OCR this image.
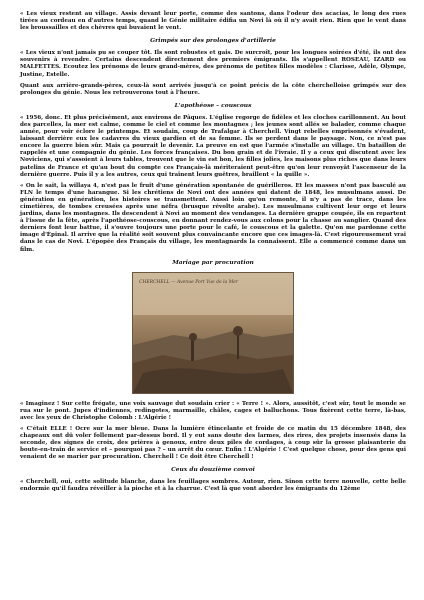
« Les vieux restent au village. Assis devant leur porte, comme des santons, dans l'odeur des acacias, le long des rues tirées au cordeau en d'autres temps, quand le Génie militaire édifia un Novi là où il n'y avait rien. Rien que le vent dans les broussailles et des chèvres qui buvaient le vent.

Grimpés sur des prolonges d'artillerie

« Les vieux n'ont jamais pu se couper tôt. Ils sont robustes et gais. De surcroît, pour les longues soirées d'été, ils ont des souvenirs à revendre. Certains descendent directement des premiers émigrants. Ils s'appellent ROSEAU, IZARD ou MALFETTES. Ecoutez les prénoms de leurs grand-mères, des prénoms de petites filles modèles : Clarisse, Adèle, Olympe, Justine, Estelle.

Quant aux arrière-grands-pères, ceux-là sont arrivés jusqu'à ce point précis de la côte cherchelloise grimpés sur des prolonges du génie. Nous les retrouverons tout à l'heure.

L'apothéose – couscous

« 1956, donc. Et plus précisément, aux environs de Pâques. L'église regorge de fidèles et les cloches carillonnent. Au bout des parcelles, la mer est calme, comme le ciel et comme les montagnes ; les jeunes sont allés se balader, comme chaque année, pour voir éclore le printemps. Et soudain, coup de Trafalgar à Cherchell. Vingt rebelles emprisonnés s'évadent, laissant derrière eux les cadavres du vieux gardien et de sa femme. Ils se perdent dans le paysage. Non, ce n'est pas encore la guerre bien sûr. Mais ça pourrait le devenir. La preuve en est que l'armée s'installe au village. Un bataillon de rappelés et une compagnie du génie. Les forces françaises. Du bon grain et de l'ivraie. Il y a ceux qui discutent avec les Noviciens, qui s'assoient à leurs tables, trouvent que le vin est bon, les filles jolies, les maisons plus riches que dans leurs patelins de France et qu'au bout du compte ces Français-là mériteraient peut-être qu'on leur renvoyât l'ascenseur de la dernière guerre. Puis il y a les autres, ceux qui traînent leurs guêtres, braillent « la quille ».

« On le sait, la willaya 4, n'est pas le fruit d'une génération spontanée de guérilleros. Et les masses n'ont pas basculé au FLN le temps d'une harangue. Si les chrétiens de Novi ont des années qui datent de 1848, les musulmans aussi. De génération en génération, les histoires se transmettent. Aussi loin qu'on remonte, il n'y a pas de trace, dans les cimetières, de tombes creusées après une néfra (brusque révolte arabe). Les musulmans cultivent leur orge et leurs jardins, dans les montagnes. Ils descendent à Novi au moment des vendanges. La dernière grappe coupée, ils en repartent à l'issue de la fête, après l'apothéose-couscous, en donnant rendez-vous aux colons pour la chasse au sanglier. Quand des derniers font leur battue, il s'ouvre toujours une porte pour le café, le couscous et la galette. Qu'on me pardonne cette image d'Épinal. Il arrive que la réalité soit souvent plus convaincante encore que ces images-là. C'est rigoureusement vrai dans le cas de Novi. L'épopée des Français du village, les montagnards la connaissent. Elle a commencé comme dans un film.

Mariage par procuration
CHERCHELL — Avenue Port Vue de la Mer

« Imaginez ! Sur cette frégate, une voix sauvage dut soudain crier : « Terre ! ». Alors, aussitôt, c'est sûr, tout le monde se rua sur le pont. Jupes d'indiennes, redingotes, marmaille, châles, cages et balluchons. Tous fixèrent cette terre, là-bas, avec les yeux de Christophe Colomb : L'Algérie !

« C'était ELLE ! Ocre sur la mer bleue. Dans la lumière étincelante et froide de ce matin du 15 décembre 1848, des chapeaux ont dû voler follement par-dessus bord. Il y eut sans doute des larmes, des rires, des projets insensés dans la seconde, des signes de croix, des prières à genoux, entre deux piles de cordages, à coup sûr la grosse plaisanterie du boute-en-train de service et – pourquoi pas ? – un arrêt du cœur. Enfin ! L'Algérie ! C'est quelque chose, pour des gens qui venaient de se marier par procuration. Cherchell ! Ce doit être Cherchell !

Ceux du douzième convoi

« Cherchell, oui, cette solitude blanche, dans les feuillages sombres. Autour, rien. Sinon cette terre nouvelle, cette belle endormie qu'il faudra réveiller à la pioche et à la charrue. C'est là que vont aborder les émigrants du 12ème
